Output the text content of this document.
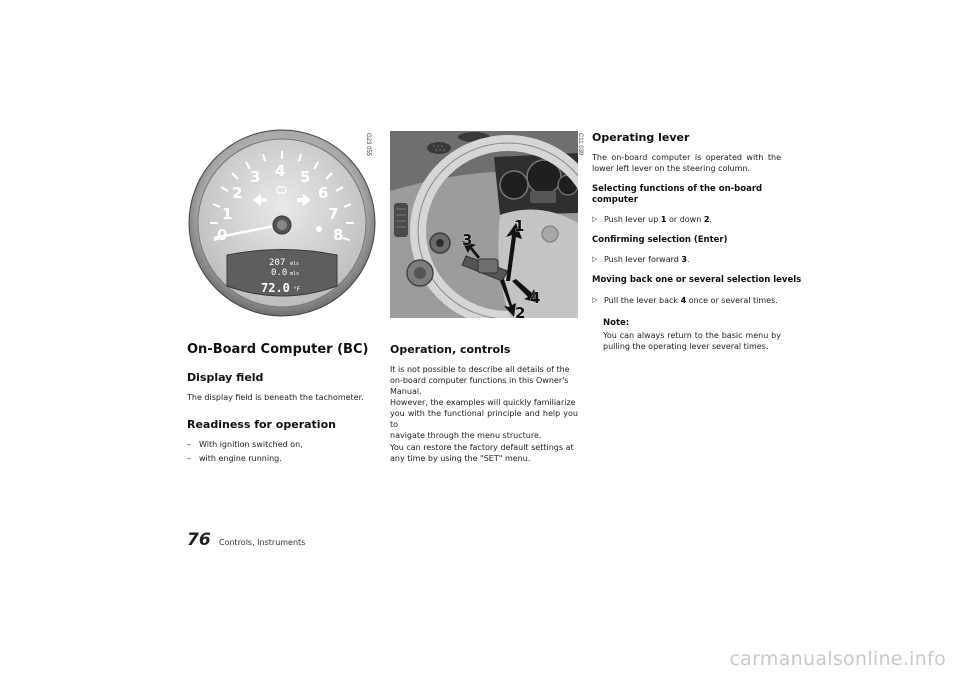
0
1
2
3 4 5
6
7
8
207 mls
0.0 mls
72.0 °F
G23 055
1
2
3
4
C11 039
On-Board Computer (BC)
Display field
The display field is beneath the tachometer.
Readiness for operation
–	With ignition switched on,
–	with engine running.
Operation, controls
It is not possible to describe all details of the
on-board computer functions in this Owner's
Manual.
However, the examples will quickly familiarize
you with the functional principle and help you to
navigate through the menu structure.
You can restore the factory default settings at
any time by using the "SET" menu.
Operating lever
The on-board computer is operated with the lower left lever on the steering column.
Selecting functions of the on-board
computer
▷ Push lever up 1 or down 2.
Confirming selection (Enter)
▷ Push lever forward 3.
Moving back one or several selection levels
▷ Pull the lever back 4 once or several times.
Note:
You can always return to the basic menu by pulling the operating lever several times.
76 Controls, Instruments
carmanualsonline.info
